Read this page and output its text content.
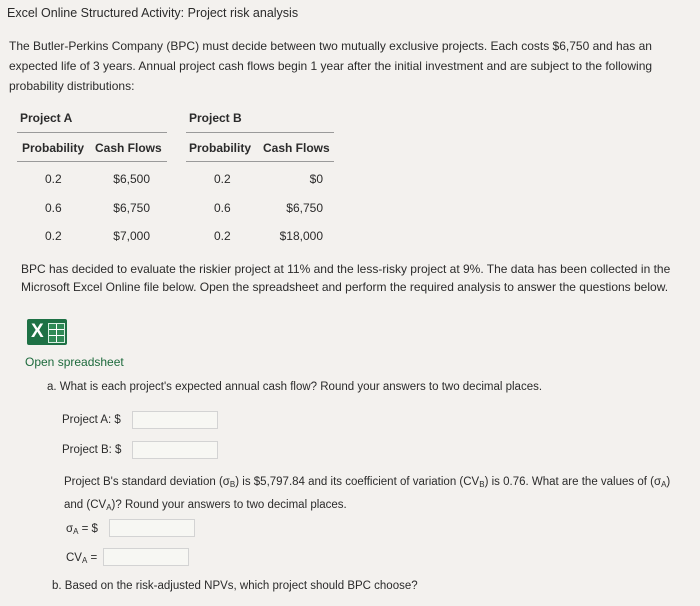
Excel Online Structured Activity: Project risk analysis
The Butler-Perkins Company (BPC) must decide between two mutually exclusive projects. Each costs $6,750 and has an
expected life of 3 years. Annual project cash flows begin 1 year after the initial investment and are subject to the following
probability distributions:
Project A
Probability Cash Flows
0.2	$6,500
0.6	$6,750
0.2	$7,000
Project B
Probability Cash Flows
0.2	$0
0.6	$6,750
0.2	$18,000
BPC has decided to evaluate the riskier project at 11% and the less-risky project at 9%. The data has been collected in the
Microsoft Excel Online file below. Open the spreadsheet and perform the required analysis to answer the questions below.
X
Open spreadsheet
a. What is each project's expected annual cash flow? Round your answers to two decimal places.
Project A: $
Project B: $
Project B's standard deviation $(\sigma_B)$ is $5,797.84 and its coefficient of variation $(CV_B)$ is 0.76. What are the values of $(\sigma_A)$
and $(CV_A)$? Round your answers to two decimal places.
$\sigma_A$ = $
$CV_A$ =
b. Based on the risk-adjusted NPVs, which project should BPC choose?
